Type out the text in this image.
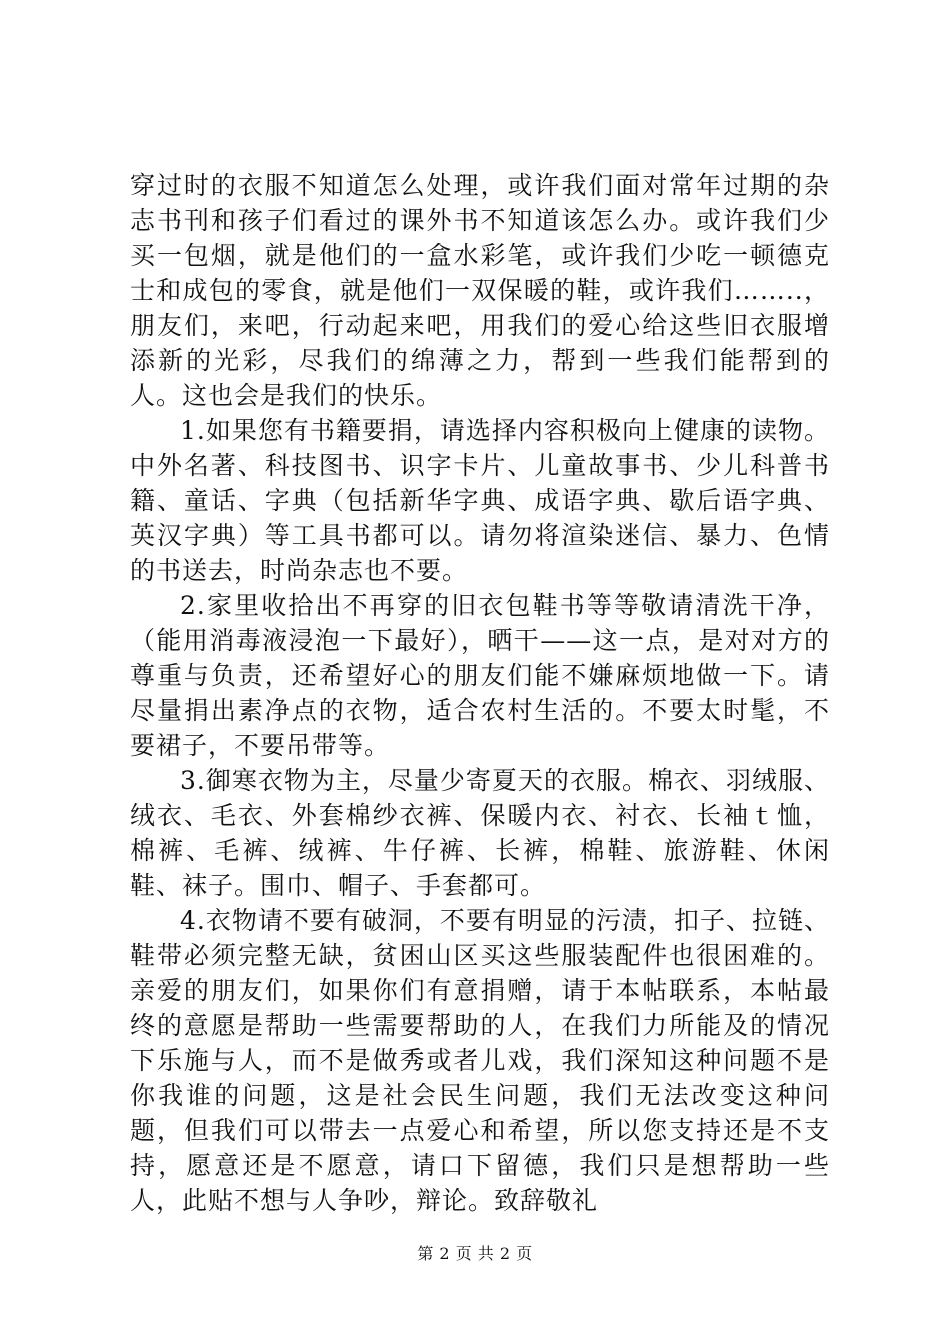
穿过时的衣服不知道怎么处理，或许我们面对常年过期的杂志书刊和孩子们看过的课外书不知道该怎么办。或许我们少买一包烟，就是他们的一盒水彩笔，或许我们少吃一顿德克士和成包的零食，就是他们一双保暖的鞋，或许我们……..，朋友们，来吧，行动起来吧，用我们的爱心给这些旧衣服增添新的光彩，尽我们的绵薄之力，帮到一些我们能帮到的人。这也会是我们的快乐。

1.如果您有书籍要捐，请选择内容积极向上健康的读物。中外名著、科技图书、识字卡片、儿童故事书、少儿科普书籍、童话、字典（包括新华字典、成语字典、歇后语字典、英汉字典）等工具书都可以。请勿将渲染迷信、暴力、色情的书送去，时尚杂志也不要。

2.家里收拾出不再穿的旧衣包鞋书等等敬请清洗干净，（能用消毒液浸泡一下最好），晒干——这一点，是对对方的尊重与负责，还希望好心的朋友们能不嫌麻烦地做一下。请尽量捐出素净点的衣物，适合农村生活的。不要太时髦，不要裙子，不要吊带等。

3.御寒衣物为主，尽量少寄夏天的衣服。棉衣、羽绒服、绒衣、毛衣、外套棉纱衣裤、保暖内衣、衬衣、长袖ｔ恤，棉裤、毛裤、绒裤、牛仔裤、长裤，棉鞋、旅游鞋、休闲鞋、袜子。围巾、帽子、手套都可。

4.衣物请不要有破洞，不要有明显的污渍，扣子、拉链、鞋带必须完整无缺，贫困山区买这些服装配件也很困难的。亲爱的朋友们，如果你们有意捐赠，请于本帖联系，本帖最终的意愿是帮助一些需要帮助的人，在我们力所能及的情况下乐施与人，而不是做秀或者儿戏，我们深知这种问题不是你我谁的问题，这是社会民生问题，我们无法改变这种问题，但我们可以带去一点爱心和希望，所以您支持还是不支持，愿意还是不愿意，请口下留德，我们只是想帮助一些人，此贴不想与人争吵，辩论。致辞敬礼

第 2 页 共 2 页
